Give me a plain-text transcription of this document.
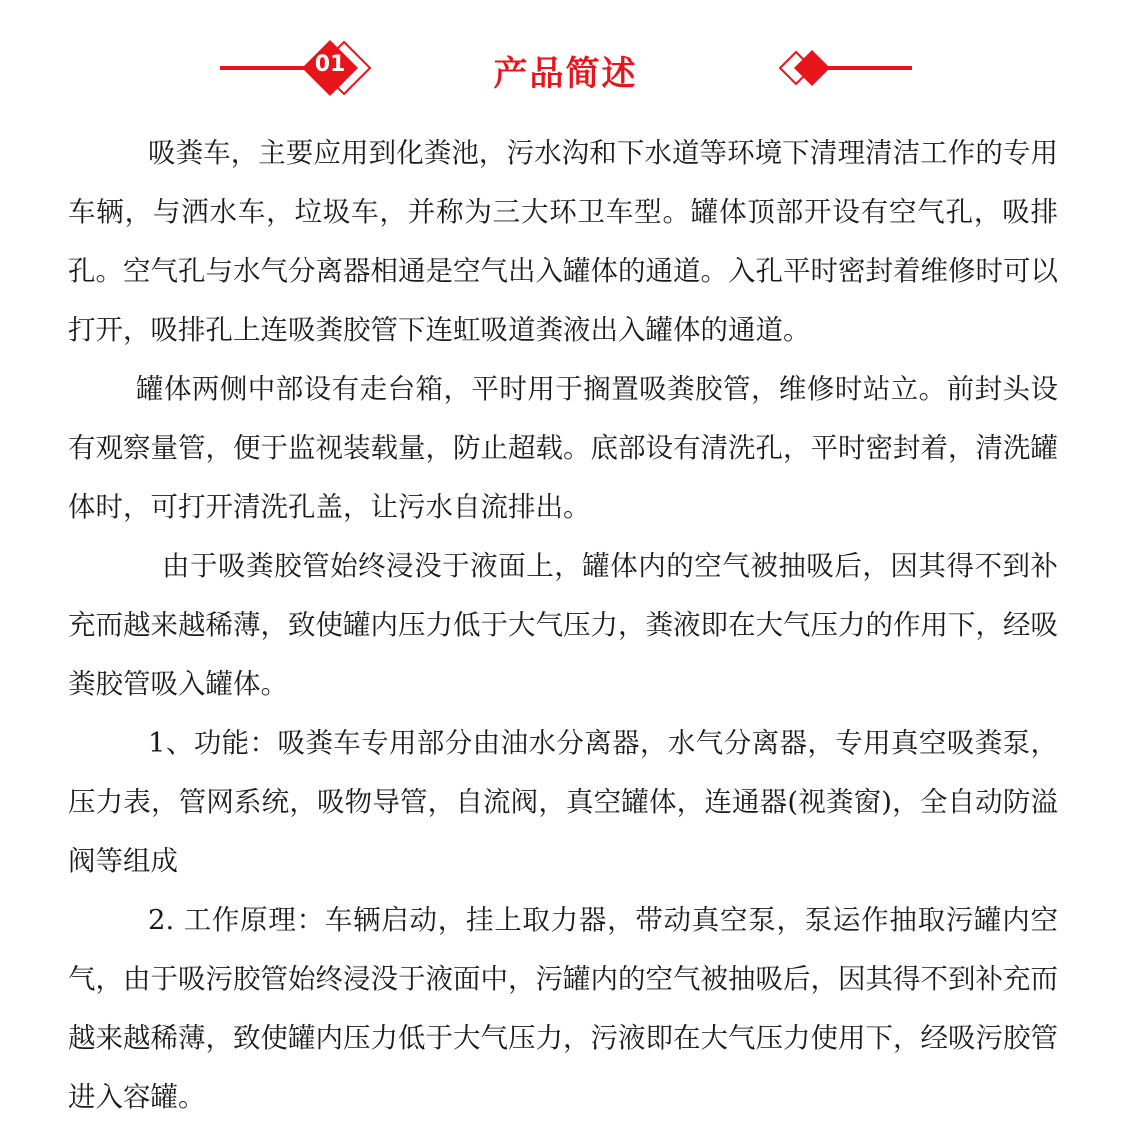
01	产品简述

吸粪车，主要应用到化粪池，污水沟和下水道等环境下清理清洁工作的专用车辆，与洒水车，垃圾车，并称为三大环卫车型。罐体顶部开设有空气孔，吸排孔。空气孔与水气分离器相通是空气出入罐体的通道。入孔平时密封着维修时可以打开，吸排孔上连吸粪胶管下连虹吸道粪液出入罐体的通道。

罐体两侧中部设有走台箱，平时用于搁置吸粪胶管，维修时站立。前封头设有观察量管，便于监视装载量，防止超载。底部设有清洗孔，平时密封着，清洗罐体时，可打开清洗孔盖，让污水自流排出。

由于吸粪胶管始终浸没于液面上，罐体内的空气被抽吸后，因其得不到补充而越来越稀薄，致使罐内压力低于大气压力，粪液即在大气压力的作用下，经吸粪胶管吸入罐体。

1、功能：吸粪车专用部分由油水分离器，水气分离器，专用真空吸粪泵，压力表，管网系统，吸物导管，自流阀，真空罐体，连通器(视粪窗)，全自动防溢阀等组成

2. 工作原理：车辆启动，挂上取力器，带动真空泵，泵运作抽取污罐内空气，由于吸污胶管始终浸没于液面中，污罐内的空气被抽吸后，因其得不到补充而越来越稀薄，致使罐内压力低于大气压力，污液即在大气压力使用下，经吸污胶管进入容罐。
